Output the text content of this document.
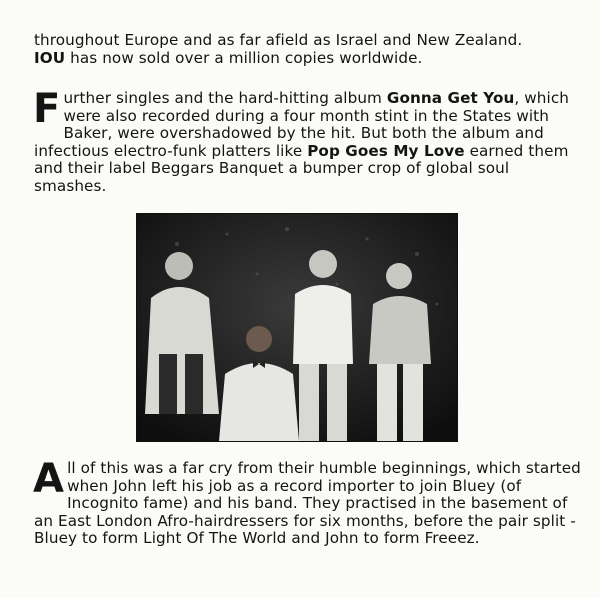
throughout Europe and as far afield as Israel and New Zealand.
IOU has now sold over a million copies worldwide.
Further singles and the hard-hitting album Gonna Get You, which were also recorded during a four month stint in the States with Baker, were overshadowed by the hit. But both the album and infectious electro-funk platters like Pop Goes My Love earned them and their label Beggars Banquet a bumper crop of global soul smashes.
All of this was a far cry from their humble beginnings, which started when John left his job as a record importer to join Bluey (of Incognito fame) and his band. They practised in the basement of an East London Afro-hairdressers for six months, before the pair split - Bluey to form Light Of The World and John to form Freeez.
